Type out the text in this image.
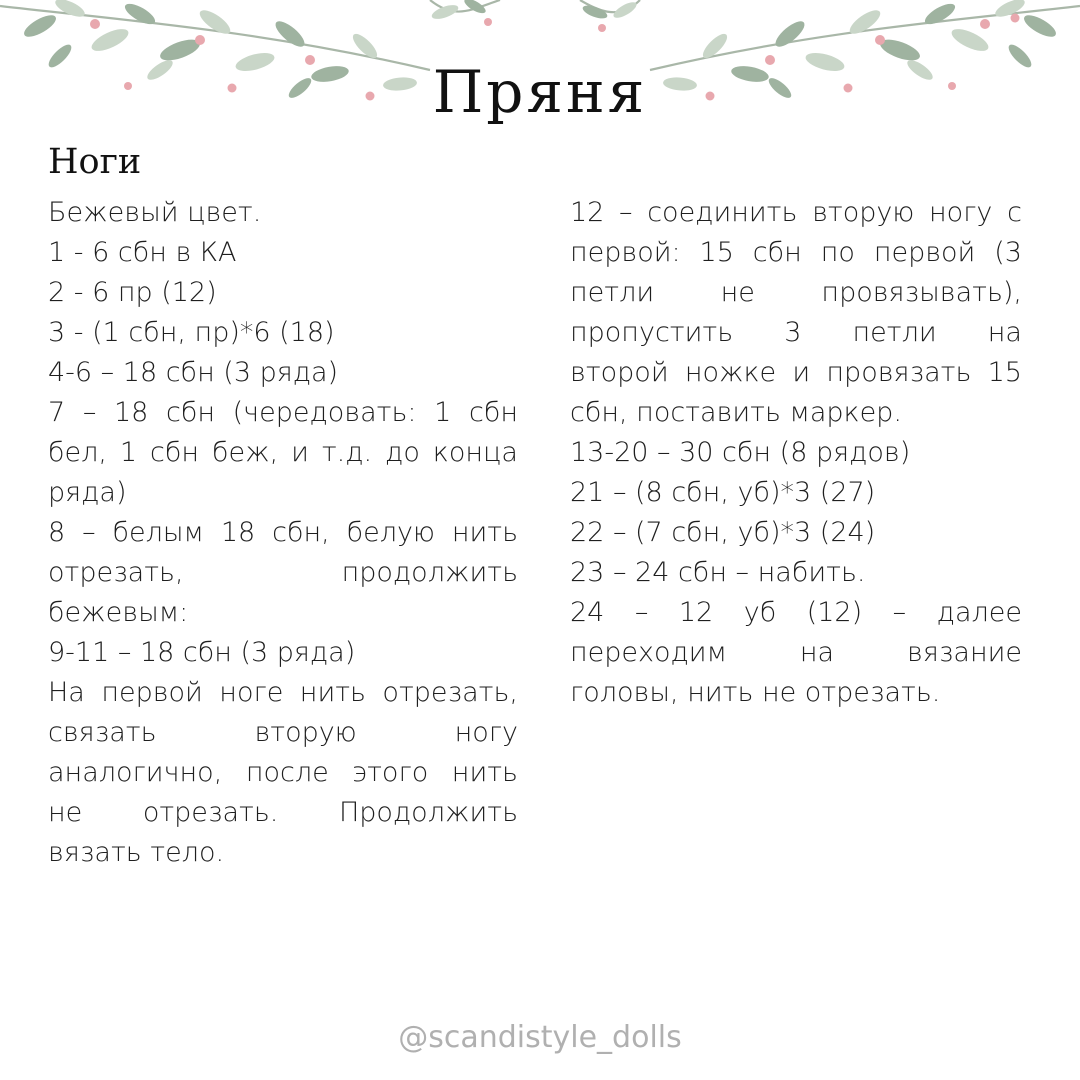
Пряня
Ноги
Бежевый цвет.
1 - 6 сбн в КА
2 - 6 пр (12)
3 - (1 сбн, пр)*6 (18)
4-6 – 18 сбн (3 ряда)
7 – 18 сбн (чередовать: 1 сбн
бел, 1 сбн беж, и т.д. до конца
ряда)
8 – белым 18 сбн, белую нить
отрезать,	продолжить
бежевым:
9-11 – 18 сбн (3 ряда)
На первой ноге нить отрезать,
связать	вторую	ногу
аналогично, после этого нить
не отрезать. Продолжить
вязать тело.
12 – соединить вторую ногу с
первой: 15 сбн по первой (3
петли не провязывать),
пропустить 3 петли на
второй ножке и провязать 15
сбн, поставить маркер.
13-20 – 30 сбн (8 рядов)
21 – (8 сбн, уб)*3 (27)
22 – (7 сбн, уб)*3 (24)
23 – 24 сбн – набить.
24 – 12 уб (12) – далее
переходим	на	вязание
головы, нить не отрезать.
@scandistyle_dolls
